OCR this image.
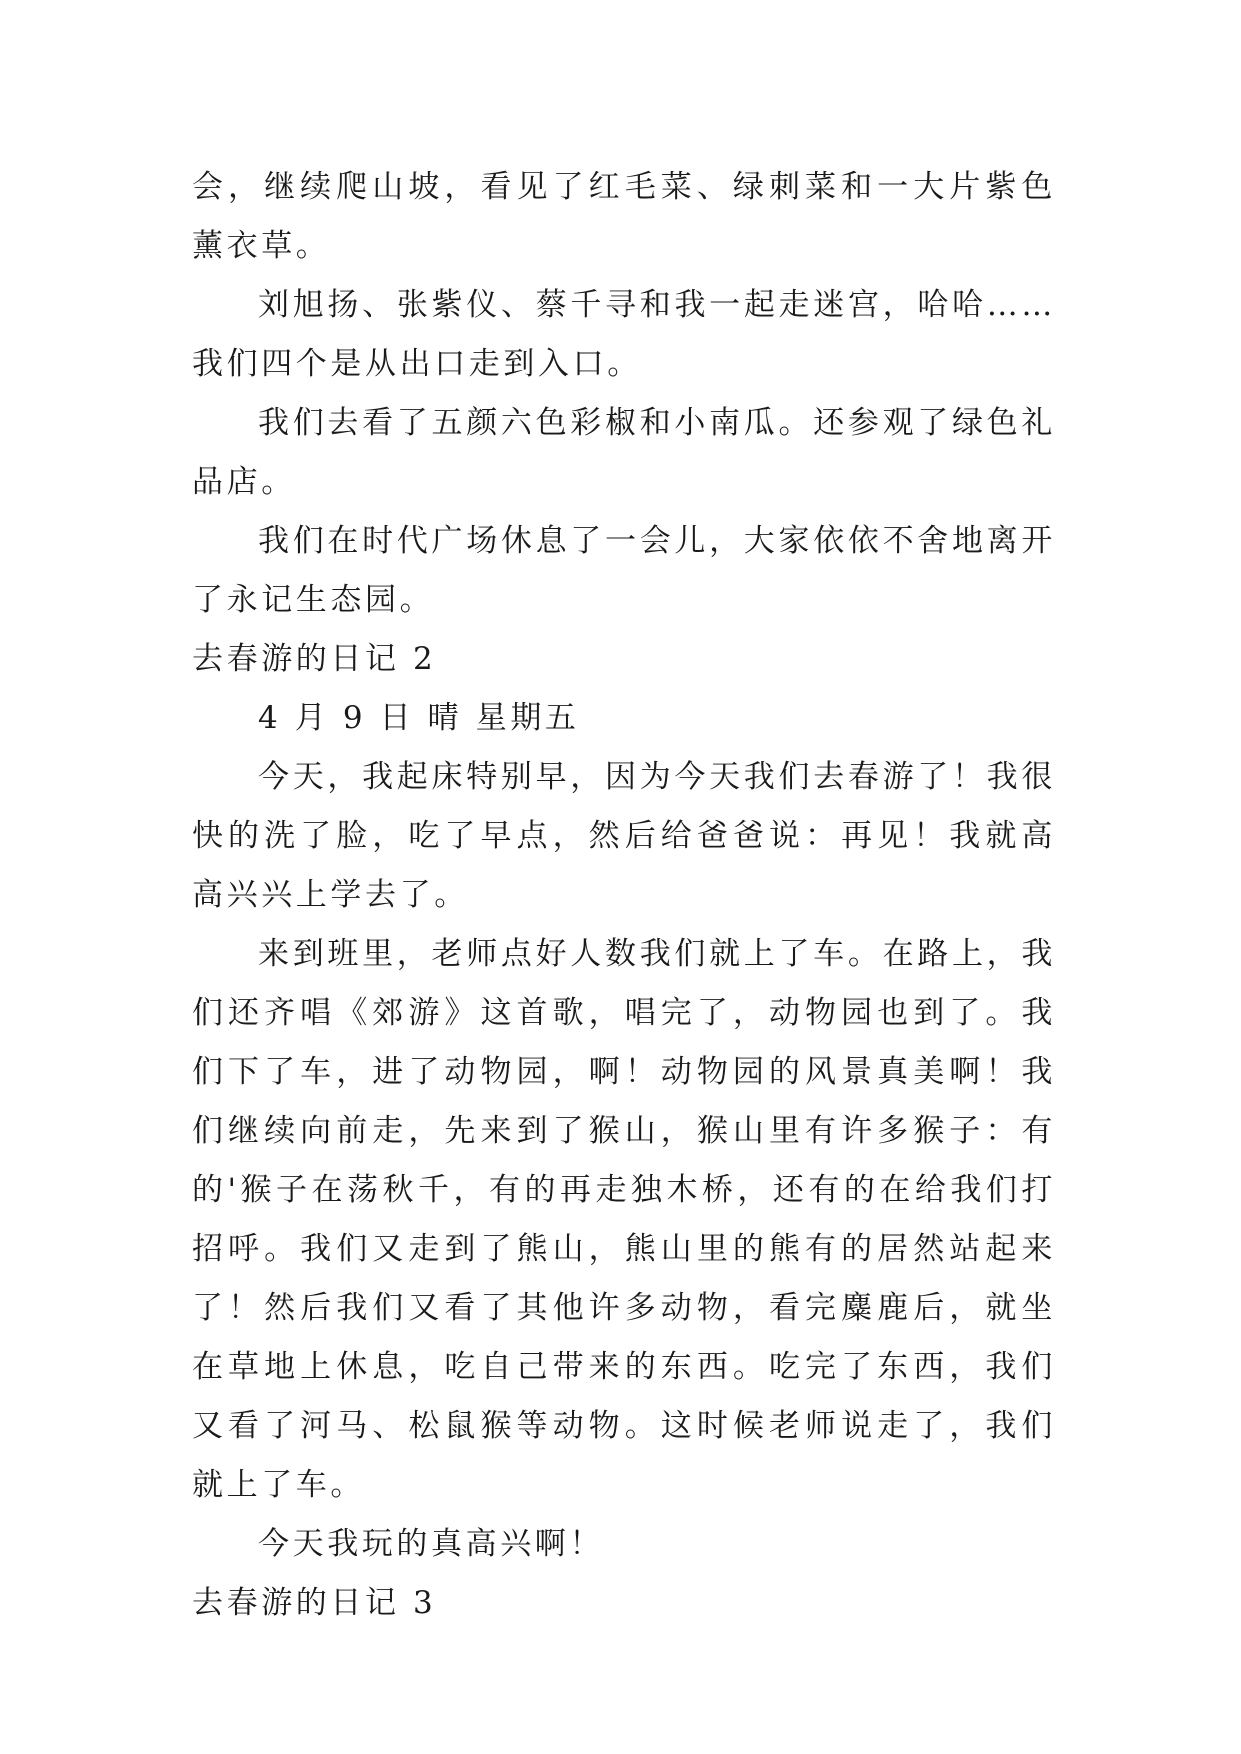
会，继续爬山坡，看见了红毛菜、绿刺菜和一大片紫色薰衣草。

刘旭扬、张紫仪、蔡千寻和我一起走迷宫，哈哈……我们四个是从出口走到入口。

我们去看了五颜六色彩椒和小南瓜。还参观了绿色礼品店。

我们在时代广场休息了一会儿，大家依依不舍地离开了永记生态园。

去春游的日记 2

4 月 9 日 晴 星期五

今天，我起床特别早，因为今天我们去春游了！我很快的洗了脸，吃了早点，然后给爸爸说：再见！我就高高兴兴上学去了。

来到班里，老师点好人数我们就上了车。在路上，我们还齐唱《郊游》这首歌，唱完了，动物园也到了。我们下了车，进了动物园，啊！动物园的风景真美啊！我们继续向前走，先来到了猴山，猴山里有许多猴子：有的'猴子在荡秋千，有的再走独木桥，还有的在给我们打招呼。我们又走到了熊山，熊山里的熊有的居然站起来了！然后我们又看了其他许多动物，看完麋鹿后，就坐在草地上休息，吃自己带来的东西。吃完了东西，我们又看了河马、松鼠猴等动物。这时候老师说走了，我们就上了车。

今天我玩的真高兴啊！

去春游的日记 3
